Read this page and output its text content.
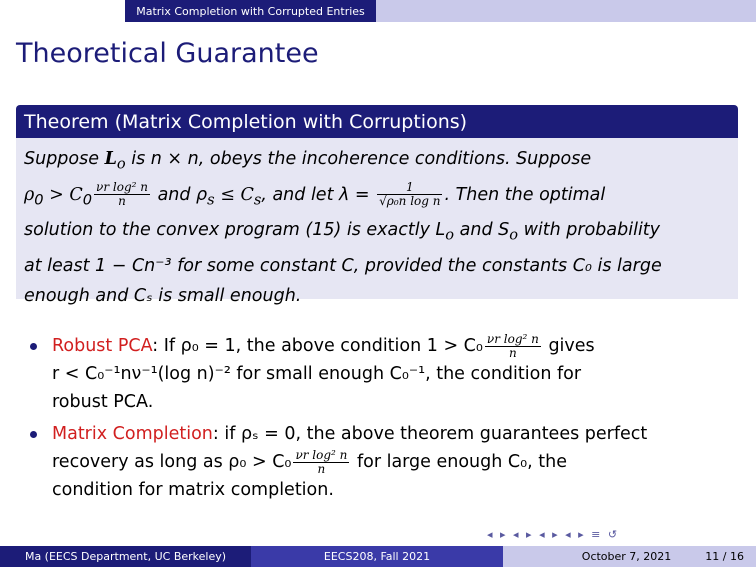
Matrix Completion with Corrupted Entries
Theoretical Guarantee
Theorem (Matrix Completion with Corruptions)
Suppose $L_o$ is n × n, obeys the incoherence conditions. Suppose
$\rho_0 > C_0 \frac{\text{νr log² n}}{n}$ and $\rho_s \le C_s$, and let $\lambda = \frac{1}{\text{√ρ₀n log n}}$ . Then the optimal
solution to the convex program (15) is exactly $L_o$ and $S_o$ with probability
at least 1 − Cn⁻³ for some constant C, provided the constants C₀ is large
enough and Cₛ is small enough.
Robust PCA: If ρ₀ = 1, the above condition $1 > C_0 \frac{\text{νr log² n}}{n}$ gives
r < C₀⁻¹nν⁻¹(log n)⁻² for small enough C₀⁻¹, the condition for
robust PCA.
Matrix Completion: if ρₛ = 0, the above theorem guarantees perfect
recovery as long as $\rho_0 > C_0 \frac{\text{νr log² n}}{n}$ for large enough C₀, the
condition for matrix completion.
◂ ▸ ◂ ▸ ◂ ▸ ◂ ▸ ≡ ↺
Ma (EECS Department, UC Berkeley)	EECS208, Fall 2021	October 7, 2021	11 / 16
